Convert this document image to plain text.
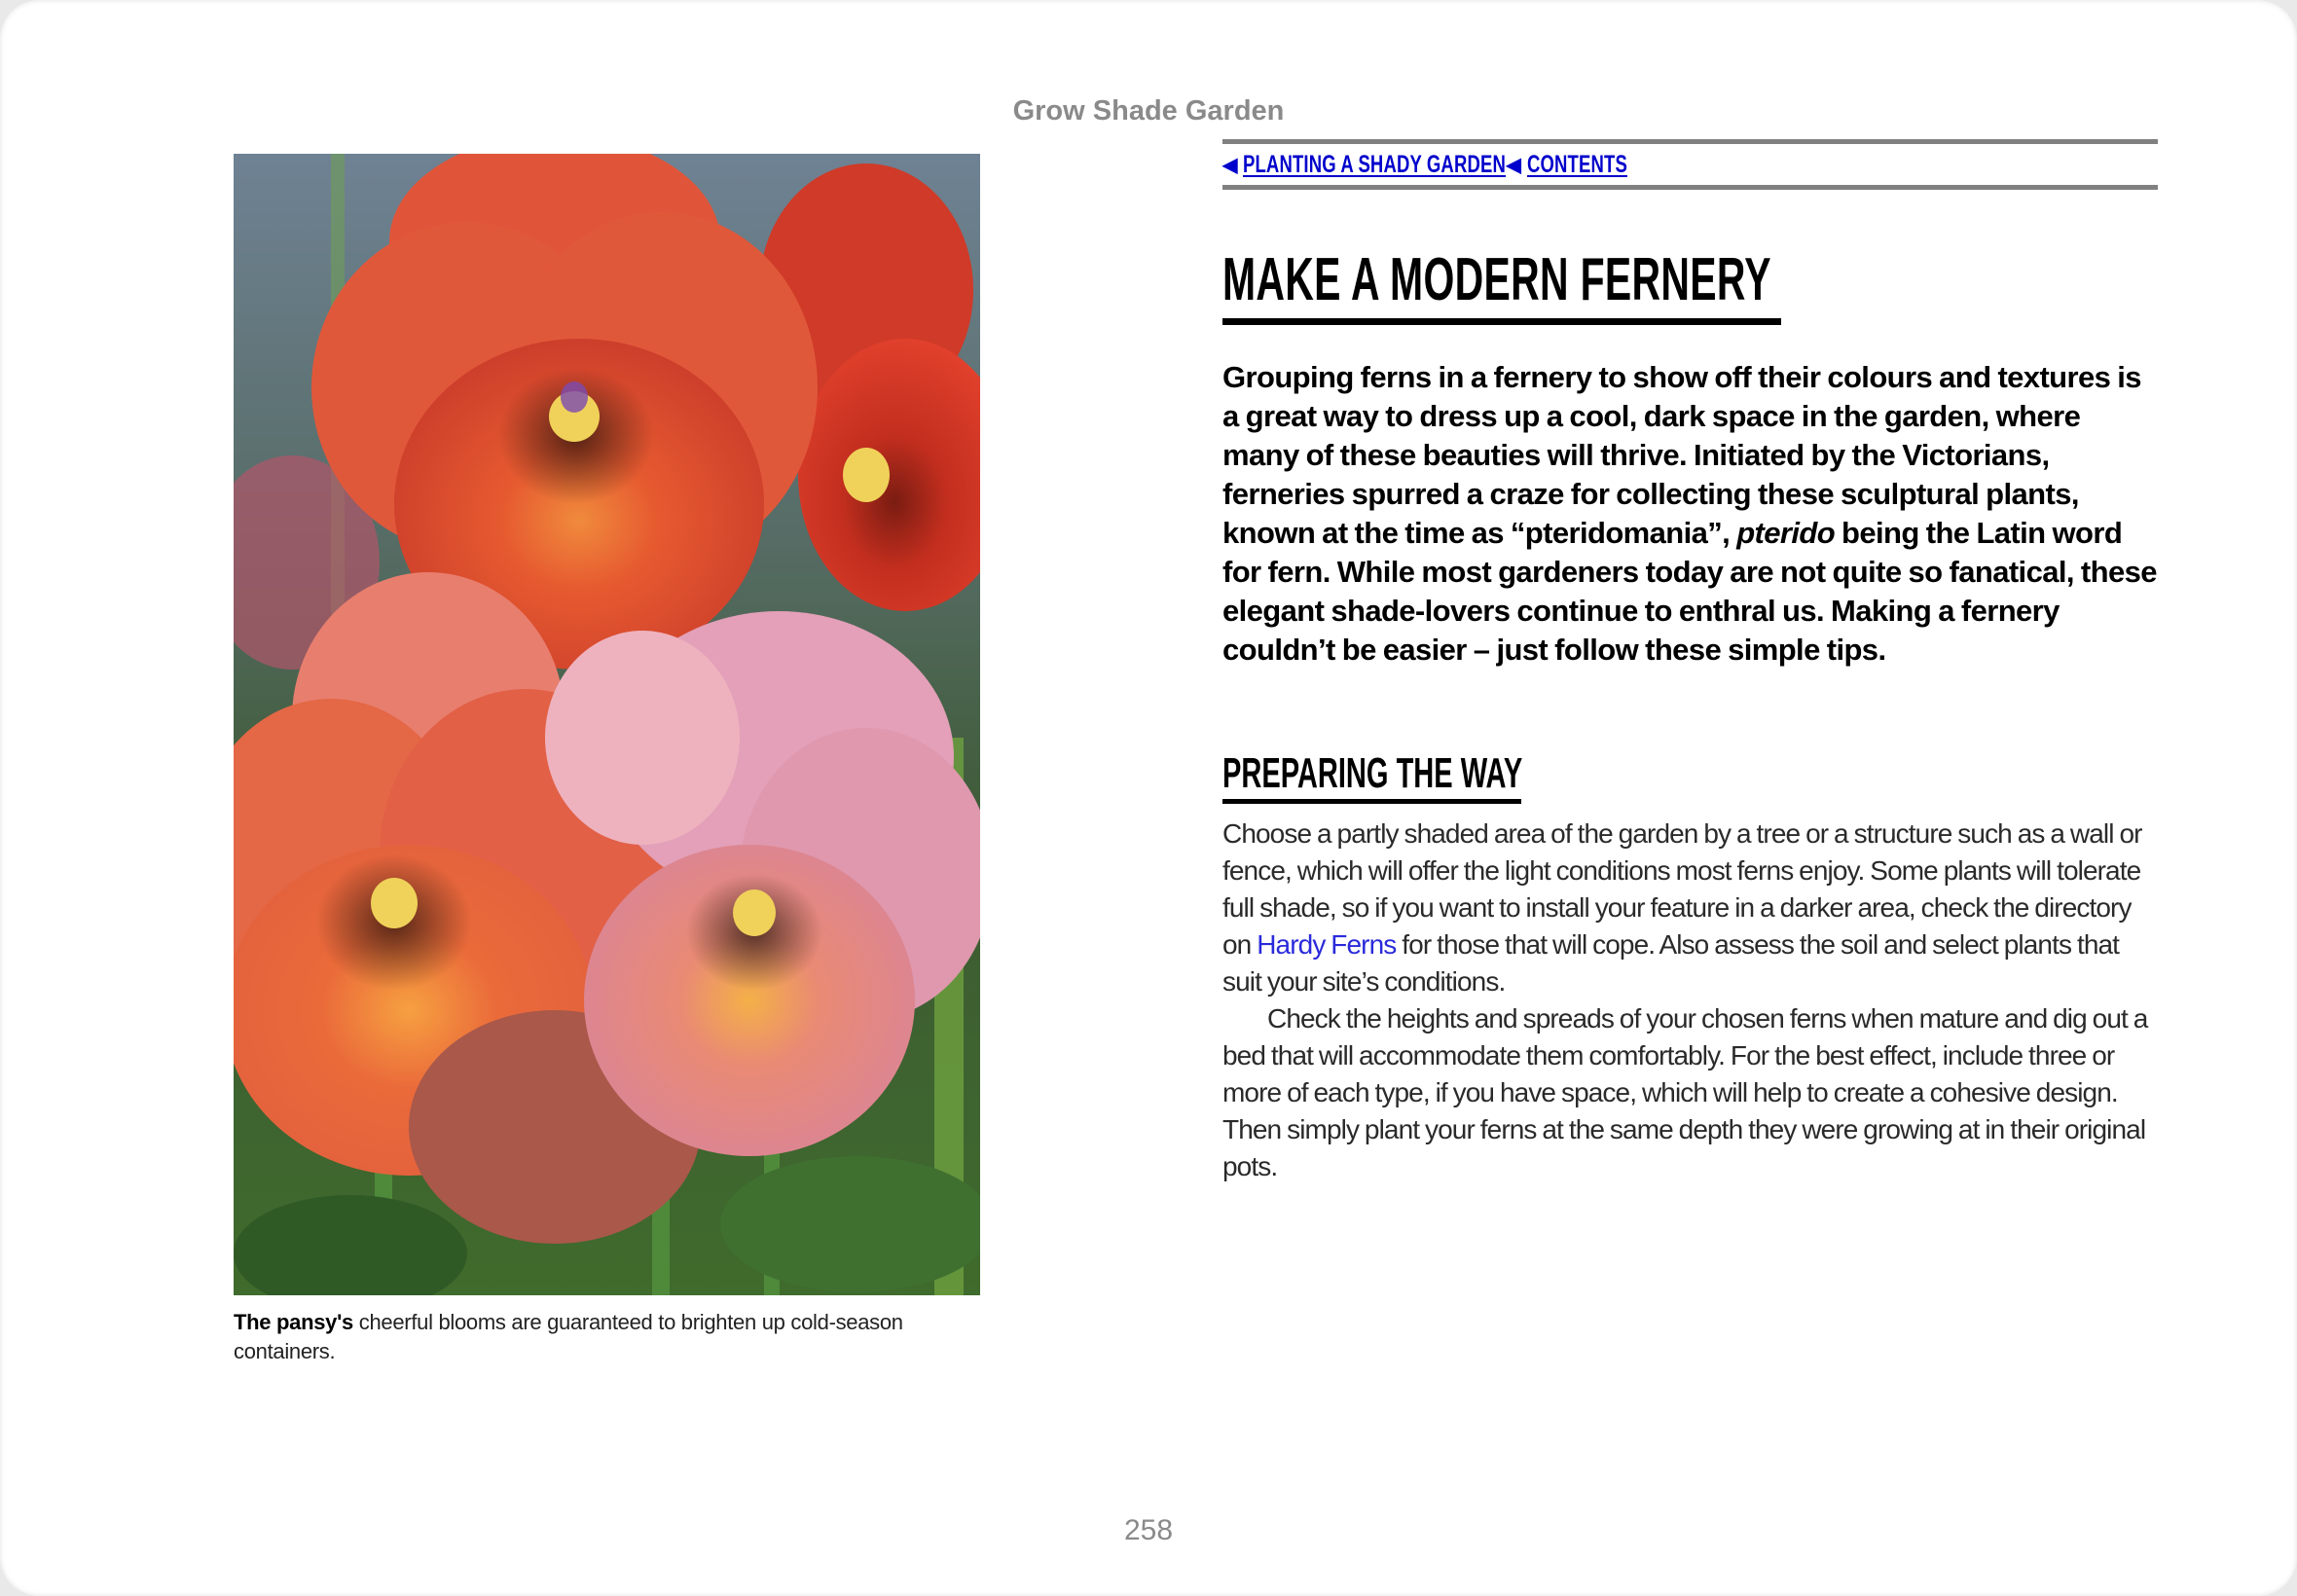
Grow Shade Garden
The pansy's cheerful blooms are guaranteed to brighten up cold-season containers.
◀ PLANTING A SHADY GARDEN ◀ CONTENTS
MAKE A MODERN FERNERY

Grouping ferns in a fernery to show off their colours and textures is a great way to dress up a cool, dark space in the garden, where many of these beauties will thrive. Initiated by the Victorians, ferneries spurred a craze for collecting these sculptural plants, known at the time as “pteridomania”, pterido being the Latin word for fern. While most gardeners today are not quite so fanatical, these elegant shade-lovers continue to enthral us. Making a fernery couldn’t be easier – just follow these simple tips.

PREPARING THE WAY

Choose a partly shaded area of the garden by a tree or a structure such as a wall or fence, which will offer the light conditions most ferns enjoy. Some plants will tolerate full shade, so if you want to install your feature in a darker area, check the directory on Hardy Ferns for those that will cope. Also assess the soil and select plants that suit your site’s conditions.

Check the heights and spreads of your chosen ferns when mature and dig out a bed that will accommodate them comfortably. For the best effect, include three or more of each type, if you have space, which will help to create a cohesive design. Then simply plant your ferns at the same depth they were growing at in their original pots.

258
